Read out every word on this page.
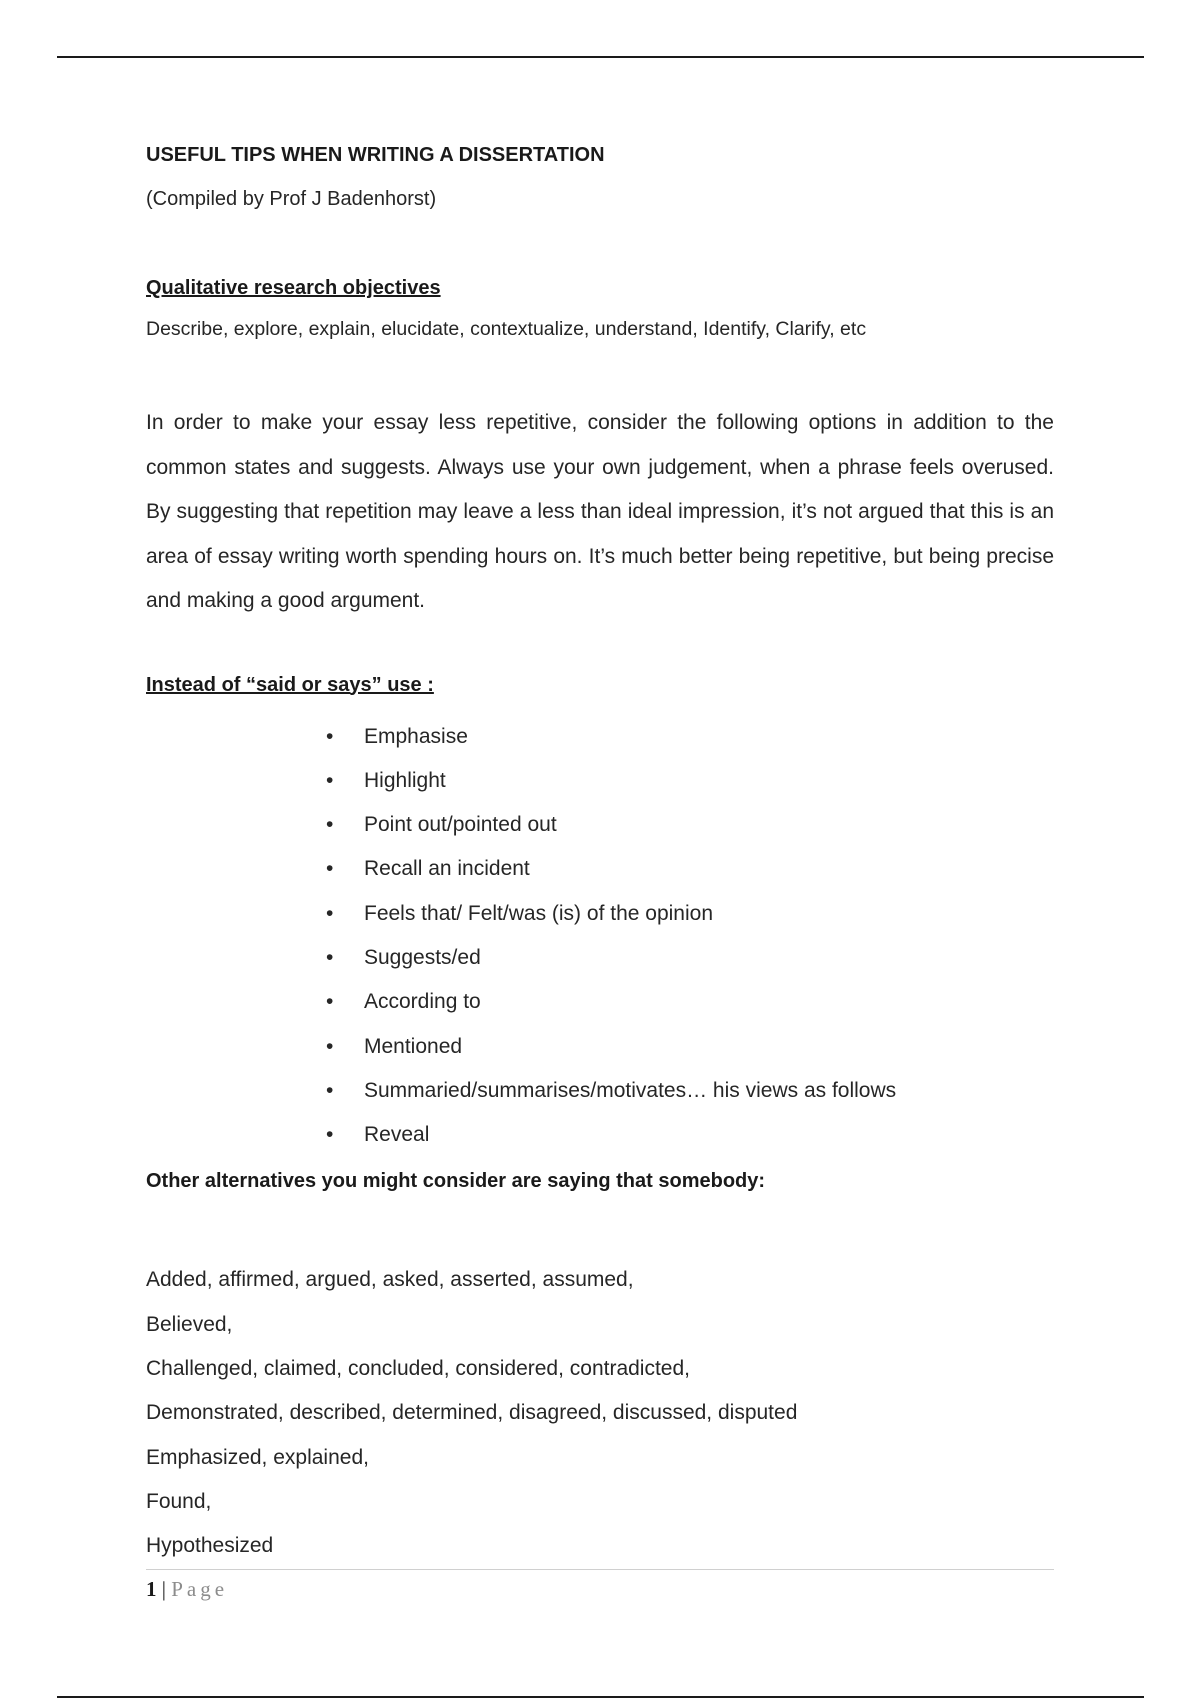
USEFUL TIPS WHEN WRITING A DISSERTATION

(Compiled by Prof J Badenhorst)

Qualitative research objectives

Describe, explore, explain, elucidate, contextualize, understand, Identify, Clarify, etc

In order to make your essay less repetitive, consider the following options in addition to the common states and suggests. Always use your own judgement, when a phrase feels overused. By suggesting that repetition may leave a less than ideal impression, it’s not argued that this is an area of essay writing worth spending hours on. It’s much better being repetitive, but being precise and making a good argument.

Instead of “said or says” use :

•	Emphasise
•	Highlight
•	Point out/pointed out
•	Recall an incident
•	Feels that/ Felt/was (is) of the opinion
•	Suggests/ed
•	According to
•	Mentioned
•	Summaried/summarises/motivates… his views as follows
•	Reveal

Other alternatives you might consider are saying that somebody:

Added, affirmed, argued, asked, asserted, assumed,
Believed,
Challenged, claimed, concluded, considered, contradicted,
Demonstrated, described, determined, disagreed, discussed, disputed
Emphasized, explained,
Found,
Hypothesized
1 | Page
